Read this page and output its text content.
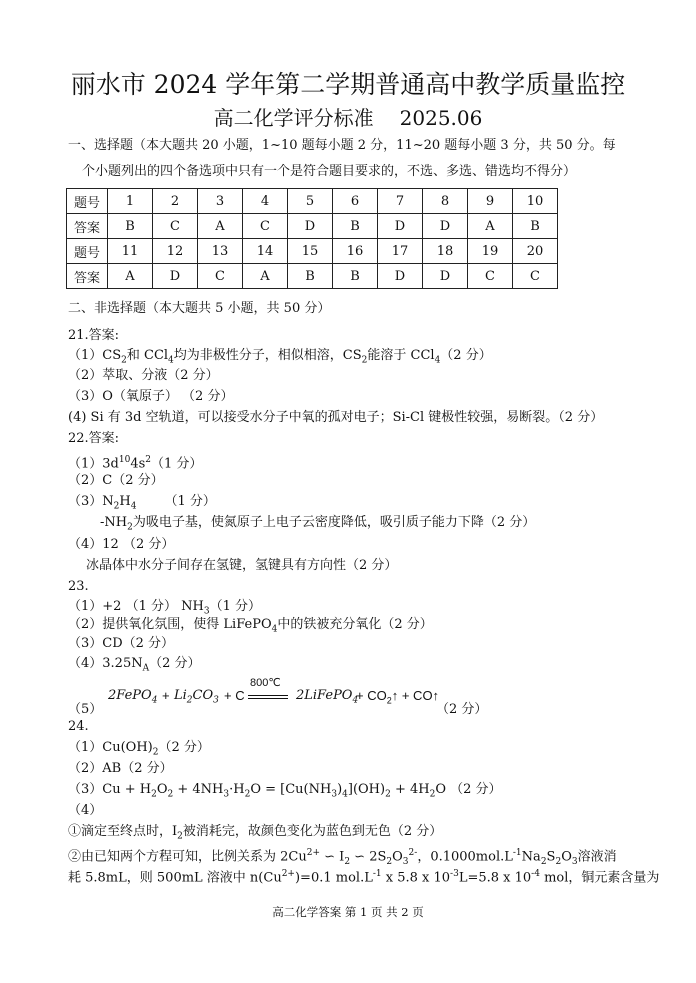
丽水市 2024 学年第二学期普通高中教学质量监控
高二化学评分标准 2025.06
一、选择题（本大题共 20 小题，1~10 题每小题 2 分，11~20 题每小题 3 分，共 50 分。每
个小题列出的四个备选项中只有一个是符合题目要求的，不选、多选、错选均不得分）
题号	1	2	3	4	5	6	7	8	9	10
答案	B	C	A	C	D	B	D	D	A	B
题号	11	12	13	14	15	16	17	18	19	20
答案	A	D	C	A	B	B	D	D	C	C
二、非选择题（本大题共 5 小题，共 50 分）
21.答案:
$(1)CS_2$和 CCl$_4$均为非极性分子，相似相溶，$CS_2$能溶于 CCl$_4$（2 分）
（2）萃取、分液（2 分）
（3）O（氧原子） （2 分）
(4) Si 有 3d 空轨道，可以接受水分子中氧的孤对电子；Si-Cl 键极性较强，易断裂。（2 分）
22.答案:
$(1)3d^{10}4s^2(1$ 分）
（2）C（2 分）
$(3)N_2H_4$ （1 分）
$-NH_2$为吸电子基，使氮原子上电子云密度降低，吸引质子能力下降（2 分）
（4）12 （2 分）
冰晶体中水分子间存在氢键，氢键具有方向性（2 分）
23.
（1）+2 （1 分） $NH_3(1$ 分）
（2）提供氧化氛围，使得 LiFePO$_4$中的铁被充分氧化（2 分）
（3）CD（2 分）
$(4)3.25N_A(2$ 分）
（5）
2FePO$_4$ + $Li_2CO_3 + C$
800℃
2LiFePO$_4$
+ $CO_2↑$ + CO↑
（2 分）
24.
$(1)Cu(OH)_2(2$ 分）
（2）AB（2 分）
$(3)Cu + H_2O_2 + 4NH_3\cdot H_2O = [Cu(NH_3)_4](OH)_2 + 4H_2O$ （2 分）
（4）
①滴定至终点时，$I_2$被消耗完，故颜色变化为蓝色到无色（2 分）
②由已知两个方程可知，比例关系为 $2Cu^{2+}$ ∽ $I_2$ ∽ $2S_2O_3^{2-}$，$0.1000mol.L^{-1}Na_2S_2O_3$溶液消
耗 5.8mL，则 500mL 溶液中 $n(Cu^{2+})=0.1$ $mol.L^{-1}$ x 5.8 x $10^{-3}L=5.8$ x $10^{-4}$ mol，铜元素含量为
高二化学答案 第 1 页 共 2 页
